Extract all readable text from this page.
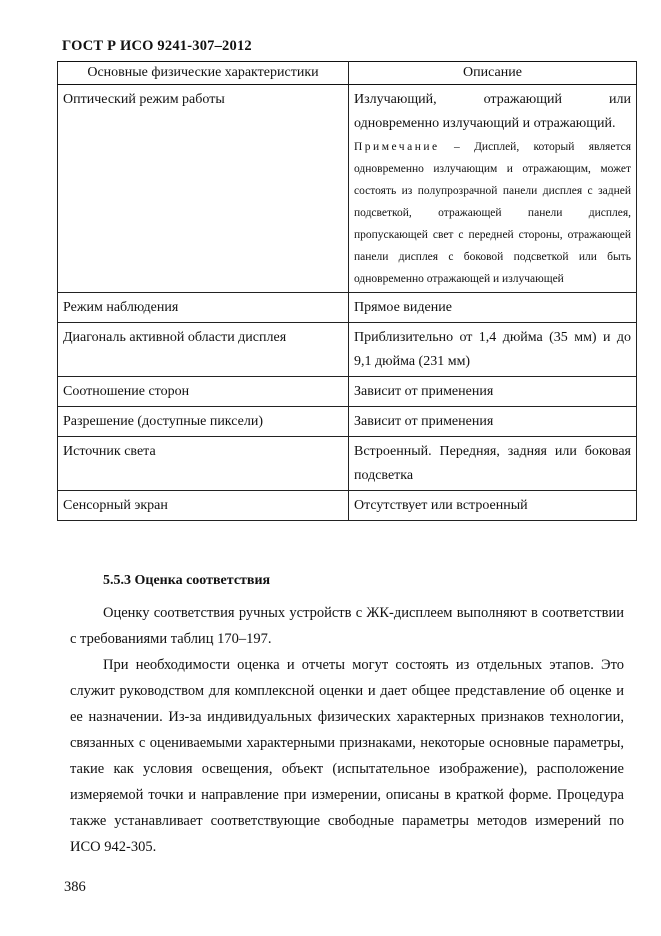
ГОСТ Р ИСО 9241-307–2012
Основные физические характеристики	Описание
Оптический режим работы	Излучающий, отражающий или одновременно излучающий и отражающий.

Примечание – Дисплей, который является одновременно излучающим и отражающим, может состоять из полупрозрачной панели дисплея с задней подсветкой, отражающей панели дисплея, пропускающей свет с передней стороны, отражающей панели дисплея с боковой подсветкой или быть одновременно отражающей и излучающей

Режим наблюдения	Прямое видение
Диагональ активной области дисплея	Приблизительно от 1,4 дюйма (35 мм) и до 9,1 дюйма (231 мм)
Соотношение сторон	Зависит от применения
Разрешение (доступные пиксели)	Зависит от применения
Источник света	Встроенный. Передняя, задняя или боковая подсветка
Сенсорный экран	Отсутствует или встроенный
5.5.3 Оценка соответствия

Оценку соответствия ручных устройств с ЖК-дисплеем выполняют в соответствии с требованиями таблиц 170–197.

При необходимости оценка и отчеты могут состоять из отдельных этапов. Это служит руководством для комплексной оценки и дает общее представление об оценке и ее назначении. Из-за индивидуальных физических характерных признаков технологии, связанных с оцениваемыми характерными признаками, некоторые основные параметры, такие как условия освещения, объект (испытательное изображение), расположение измеряемой точки и направление при измерении, описаны в краткой форме. Процедура также устанавливает соответствующие свободные параметры методов измерений по ИСО 942-305.

386
